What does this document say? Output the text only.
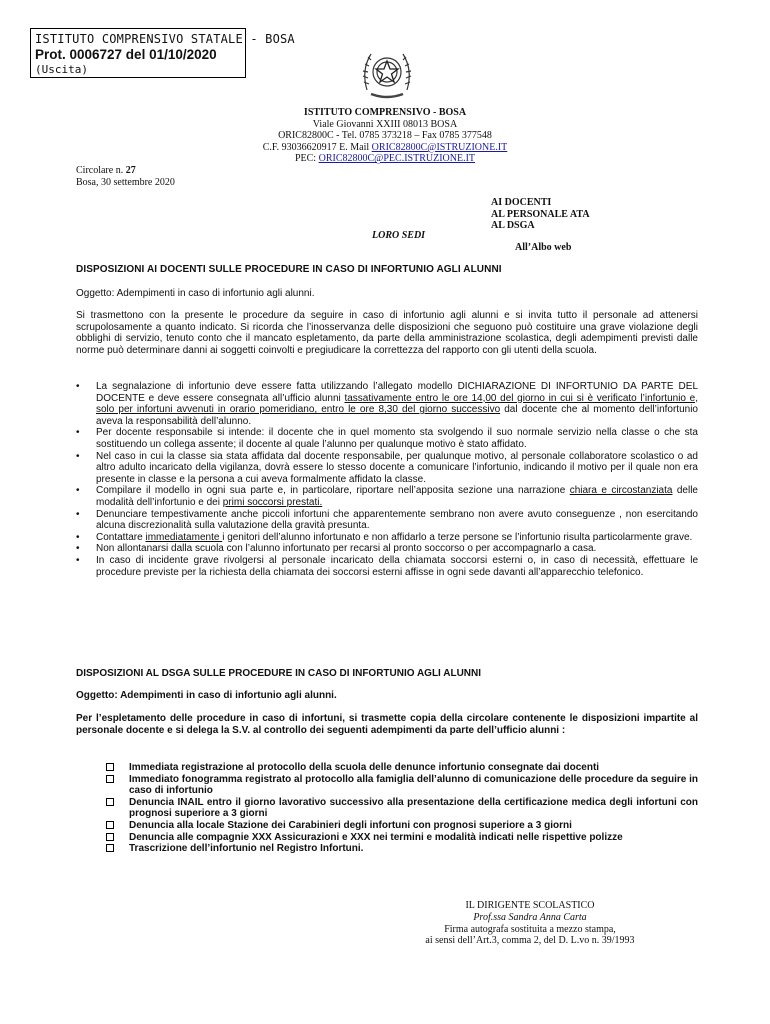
ISTITUTO COMPRENSIVO STATALE - BOSA
Prot. 0006727 del 01/10/2020
(Uscita)
ISTITUTO COMPRENSIVO - BOSA
Viale Giovanni XXIII 08013 BOSA
ORIC82800C - Tel. 0785 373218 – Fax 0785 377548
C.F. 93036620917 E. Mail ORIC82800C@ISTRUZIONE.IT
PEC: ORIC82800C@PEC.ISTRUZIONE.IT
Circolare n. 27
Bosa, 30 settembre 2020
AI DOCENTI
AL PERSONALE ATA
AL DSGA
LORO SEDI
All’Albo web
DISPOSIZIONI AI DOCENTI SULLE PROCEDURE IN CASO DI INFORTUNIO AGLI ALUNNI
Oggetto: Adempimenti in caso di infortunio agli alunni.
Si trasmettono con la presente le procedure da seguire in caso di infortunio agli alunni e si invita tutto il personale ad attenersi scrupolosamente a quanto indicato. Si ricorda che l’inosservanza delle disposizioni che seguono può costituire una grave violazione degli obblighi di servizio, tenuto conto che il mancato espletamento, da parte della amministrazione scolastica, degli adempimenti previsti dalle norme può determinare danni ai soggetti coinvolti e pregiudicare la correttezza del rapporto con gli utenti della scuola.
• La segnalazione di infortunio deve essere fatta utilizzando l’allegato modello DICHIARAZIONE DI INFORTUNIO DA PARTE DEL DOCENTE e deve essere consegnata all’ufficio alunni tassativamente entro le ore 14,00 del giorno in cui si è verificato l’infortunio e, solo per infortuni avvenuti in orario pomeridiano, entro le ore 8,30 del giorno successivo dal docente che al momento dell’infortunio aveva la responsabilità dell’alunno.
• Per docente responsabile si intende: il docente che in quel momento sta svolgendo il suo normale servizio nella classe o che sta sostituendo un collega assente; il docente al quale l’alunno per qualunque motivo è stato affidato.
• Nel caso in cui la classe sia stata affidata dal docente responsabile, per qualunque motivo, al personale collaboratore scolastico o ad altro adulto incaricato della vigilanza, dovrà essere lo stesso docente a comunicare l’infortunio, indicando il motivo per il quale non era presente in classe e la persona a cui aveva formalmente affidato la classe.
• Compilare il modello in ogni sua parte e, in particolare, riportare nell’apposita sezione una narrazione chiara e circostanziata delle modalità dell’infortunio e dei primi soccorsi prestati.
• Denunciare tempestivamente anche piccoli infortuni che apparentemente sembrano non avere avuto conseguenze , non esercitando alcuna discrezionalità sulla valutazione della gravità presunta.
• Contattare immediatamente i genitori dell’alunno infortunato e non affidarlo a terze persone se l’infortunio risulta particolarmente grave.
• Non allontanarsi dalla scuola con l’alunno infortunato per recarsi al pronto soccorso o per accompagnarlo a casa.
• In caso di incidente grave rivolgersi al personale incaricato della chiamata soccorsi esterni o, in caso di necessità, effettuare le procedure previste per la richiesta della chiamata dei soccorsi esterni affisse in ogni sede davanti all’apparecchio telefonico.
DISPOSIZIONI AL DSGA SULLE PROCEDURE IN CASO DI INFORTUNIO AGLI ALUNNI
Oggetto: Adempimenti in caso di infortunio agli alunni.
Per l’espletamento delle procedure in caso di infortuni, si trasmette copia della circolare contenente le disposizioni impartite al personale docente e si delega la S.V. al controllo dei seguenti adempimenti da parte dell’ufficio alunni :
Immediata registrazione al protocollo della scuola delle denunce infortunio consegnate dai docenti
Immediato fonogramma registrato al protocollo alla famiglia dell’alunno di comunicazione delle procedure da seguire in caso di infortunio
Denuncia INAIL entro il giorno lavorativo successivo alla presentazione della certificazione medica degli infortuni con prognosi superiore a 3 giorni
Denuncia alla locale Stazione dei Carabinieri degli infortuni con prognosi superiore a 3 giorni
Denuncia alle compagnie XXX Assicurazioni e XXX nei termini e modalità indicati nelle rispettive polizze
Trascrizione dell’infortunio nel Registro Infortuni.
IL DIRIGENTE SCOLASTICO
Prof.ssa Sandra Anna Carta
Firma autografa sostituita a mezzo stampa,
ai sensi dell’Art.3, comma 2, del D. L.vo n. 39/1993
